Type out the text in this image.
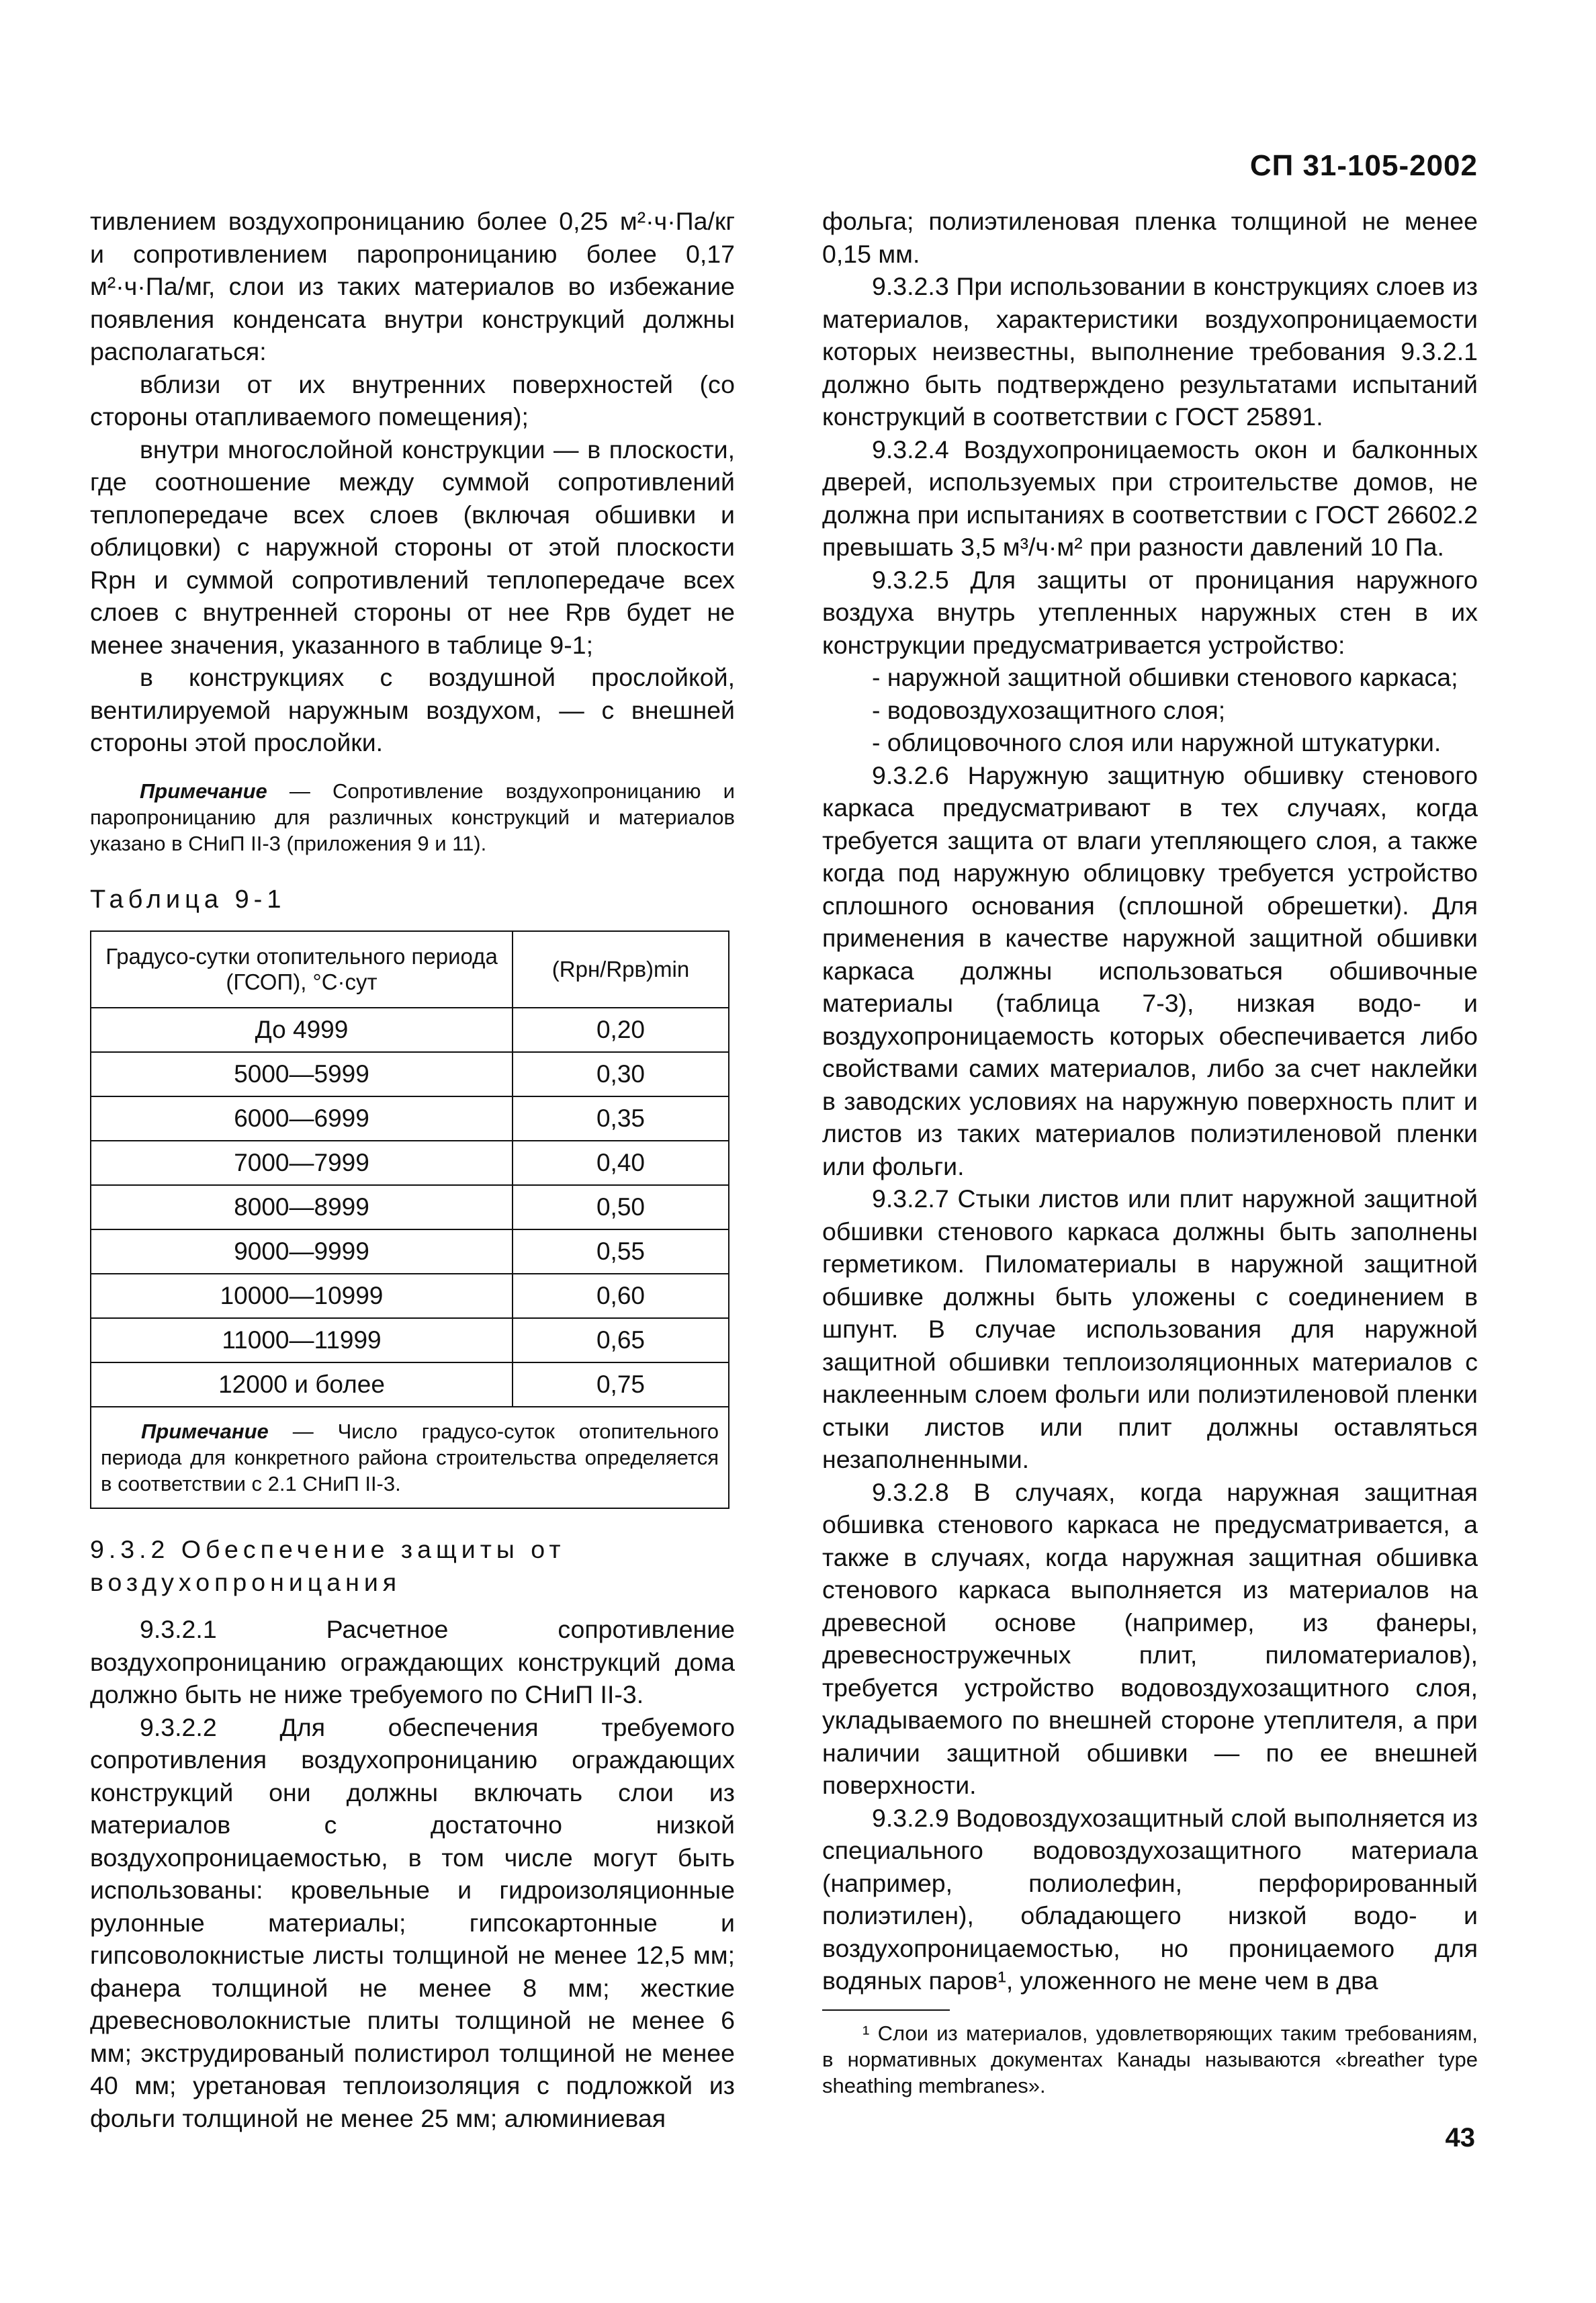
СП 31-105-2002

тивлением воздухопроницанию более 0,25 м²·ч·Па/кг и сопротивлением паропроницанию более 0,17 м²·ч·Па/мг, слои из таких материалов во избежание появления конденсата внутри конструкций должны располагаться:

вблизи от их внутренних поверхностей (со стороны отапливаемого помещения);

внутри многослойной конструкции — в плоскости, где соотношение между суммой сопротивлений теплопередаче всех слоев (включая обшивки и облицовки) с наружной стороны от этой плоскости Rрн и суммой сопротивлений теплопередаче всех слоев с внутренней стороны от нее Rрв будет не менее значения, указанного в таблице 9-1;

в конструкциях с воздушной прослойкой, вентилируемой наружным воздухом, — с внешней стороны этой прослойки.

Примечание — Сопротивление воздухопроницанию и паропроницанию для различных конструкций и материалов указано в СНиП II-3 (приложения 9 и 11).

Таблица 9-1

Градусо-сутки отопительного периода (ГСОП), °С·сут	(Rрн/Rрв)min
До 4999	0,20
5000—5999	0,30
6000—6999	0,35
7000—7999	0,40
8000—8999	0,50
9000—9999	0,55
10000—10999	0,60
11000—11999	0,65
12000 и более	0,75
Примечание — Число градусо-суток отопительного периода для конкретного района строительства определяется в соответствии с 2.1 СНиП II-3.	

9.3.2 Обеспечение защиты от воздухопроницания

9.3.2.1 Расчетное сопротивление воздухопроницанию ограждающих конструкций дома должно быть не ниже требуемого по СНиП II-3.

9.3.2.2 Для обеспечения требуемого сопротивления воздухопроницанию ограждающих конструкций они должны включать слои из материалов с достаточно низкой воздухопроницаемостью, в том числе могут быть использованы: кровельные и гидроизоляционные рулонные материалы; гипсокартонные и гипсоволокнистые листы толщиной не менее 12,5 мм; фанера толщиной не менее 8 мм; жесткие древесноволокнистые плиты толщиной не менее 6 мм; экструдированый полистирол толщиной не менее 40 мм; уретановая теплоизоляция с подложкой из фольги толщиной не менее 25 мм; алюминиевая

фольга; полиэтиленовая пленка толщиной не менее 0,15 мм.

9.3.2.3 При использовании в конструкциях слоев из материалов, характеристики воздухопроницаемости которых неизвестны, выполнение требования 9.3.2.1 должно быть подтверждено результатами испытаний конструкций в соответствии с ГОСТ 25891.

9.3.2.4 Воздухопроницаемость окон и балконных дверей, используемых при строительстве домов, не должна при испытаниях в соответствии с ГОСТ 26602.2 превышать 3,5 м³/ч·м² при разности давлений 10 Па.

9.3.2.5 Для защиты от проницания наружного воздуха внутрь утепленных наружных стен в их конструкции предусматривается устройство:

- наружной защитной обшивки стенового каркаса;

- водовоздухозащитного слоя;

- облицовочного слоя или наружной штукатурки.

9.3.2.6 Наружную защитную обшивку стенового каркаса предусматривают в тех случаях, когда требуется защита от влаги утепляющего слоя, а также когда под наружную облицовку требуется устройство сплошного основания (сплошной обрешетки). Для применения в качестве наружной защитной обшивки каркаса должны использоваться обшивочные материалы (таблица 7-3), низкая водо- и воздухопроницаемость которых обеспечивается либо свойствами самих материалов, либо за счет наклейки в заводских условиях на наружную поверхность плит и листов из таких материалов полиэтиленовой пленки или фольги.

9.3.2.7 Стыки листов или плит наружной защитной обшивки стенового каркаса должны быть заполнены герметиком. Пиломатериалы в наружной защитной обшивке должны быть уложены с соединением в шпунт. В случае использования для наружной защитной обшивки теплоизоляционных материалов с наклеенным слоем фольги или полиэтиленовой пленки стыки листов или плит должны оставляться незаполненными.

9.3.2.8 В случаях, когда наружная защитная обшивка стенового каркаса не предусматривается, а также в случаях, когда наружная защитная обшивка стенового каркаса выполняется из материалов на древесной основе (например, из фанеры, древесностружечных плит, пиломатериалов), требуется устройство водовоздухозащитного слоя, укладываемого по внешней стороне утеплителя, а при наличии защитной обшивки — по ее внешней поверхности.

9.3.2.9 Водовоздухозащитный слой выполняется из специального водовоздухозащитного материала (например, полиолефин, перфорированный полиэтилен), обладающего низкой водо- и воздухопроницаемостью, но проницаемого для водяных паров¹, уложенного не мене чем в два

¹ Слои из материалов, удовлетворяющих таким требованиям, в нормативных документах Канады называются «breather type sheathing membranes».

43
